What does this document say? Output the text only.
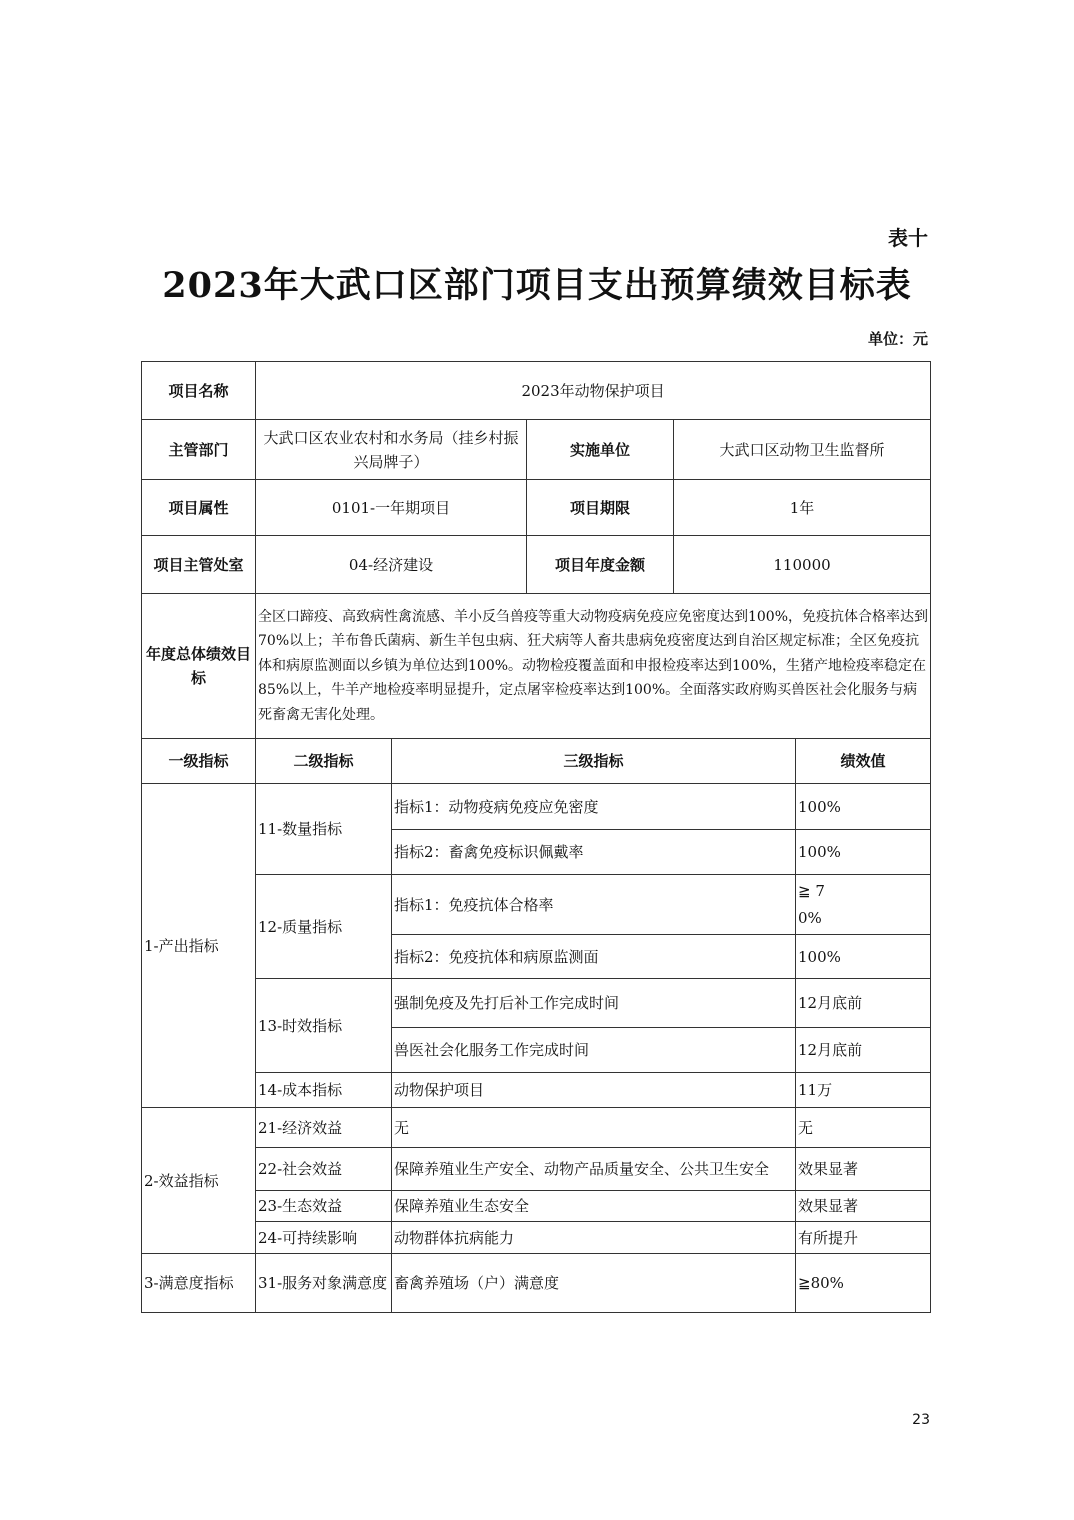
表十
2023年大武口区部门项目支出预算绩效目标表
单位：元
项目名称	2023年动物保护项目				
主管部门	大武口区农业农村和水务局（挂乡村振兴局牌子）		实施单位	大武口区动物卫生监督所	
项目属性	0101-一年期项目		项目期限	1年	
项目主管处室	04-经济建设		项目年度金额	110000	
年度总体绩效目标	全区口蹄疫、高致病性禽流感、羊小反刍兽疫等重大动物疫病免疫应免密度达到100%，免疫抗体合格率达到70%以上；羊布鲁氏菌病、新生羊包虫病、狂犬病等人畜共患病免疫密度达到自治区规定标准；全区免疫抗体和病原监测面以乡镇为单位达到100%。动物检疫覆盖面和申报检疫率达到100%，生猪产地检疫率稳定在85%以上，牛羊产地检疫率明显提升，定点屠宰检疫率达到100%。全面落实政府购买兽医社会化服务与病死畜禽无害化处理。				
一级指标	二级指标	三级指标			绩效值
1-产出指标	11-数量指标	指标1：动物疫病免疫应免密度			100%
		指标2：畜禽免疫标识佩戴率			100%
	12-质量指标	指标1：免疫抗体合格率			≧ 70%

		指标2：免疫抗体和病原监测面			100%
	13-时效指标	强制免疫及先打后补工作完成时间			12月底前
		兽医社会化服务工作完成时间			12月底前
	14-成本指标	动物保护项目			11万
2-效益指标	21-经济效益	无			无
	22-社会效益	保障养殖业生产安全、动物产品质量安全、公共卫生安全			效果显著
	23-生态效益	保障养殖业生态安全			效果显著
	24-可持续影响	动物群体抗病能力			有所提升
3-满意度指标	31-服务对象满意度	畜禽养殖场（户）满意度			≧80%
23
